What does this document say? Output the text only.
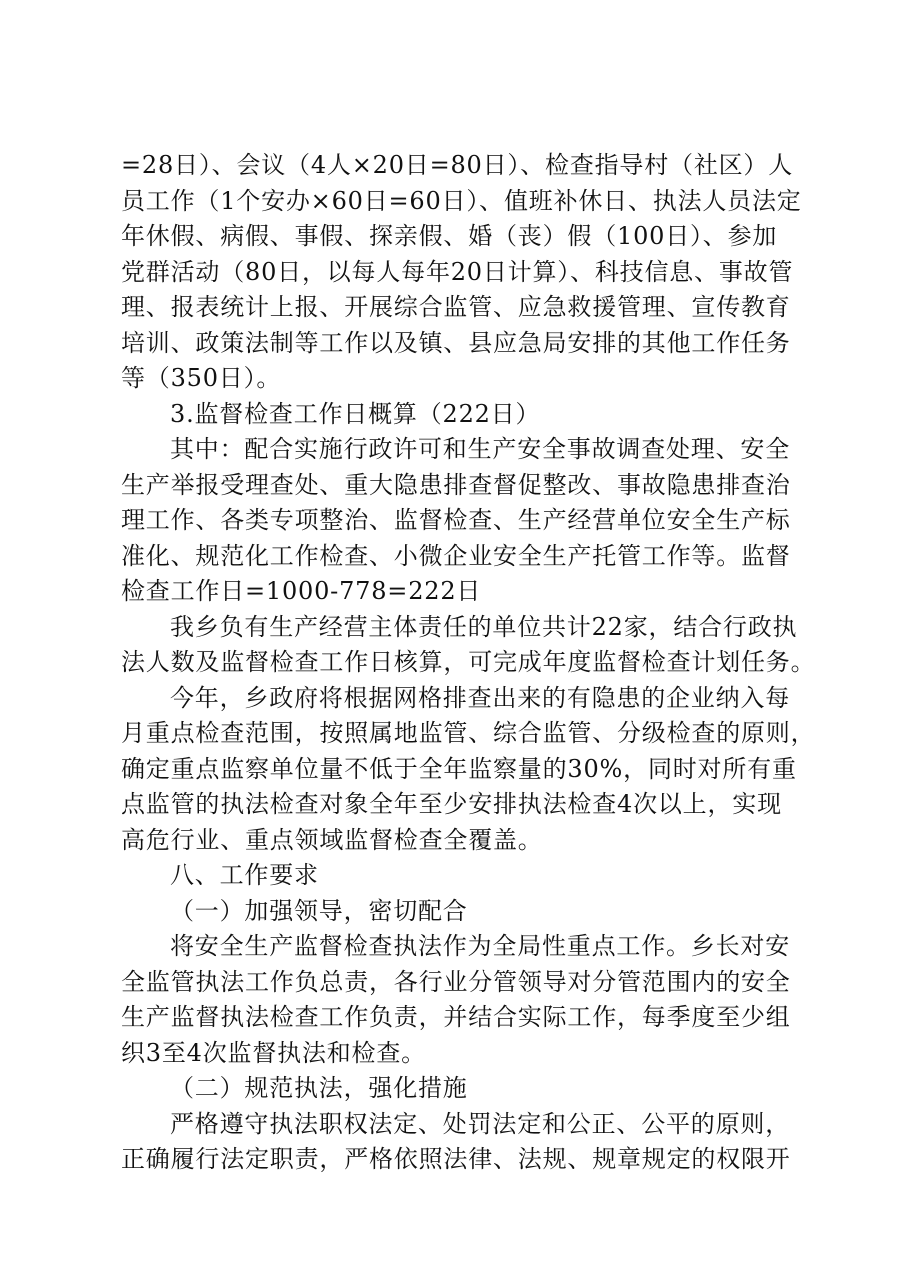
=28日）、会议（4人×20日=80日）、检查指导村（社区）人
员工作（1个安办×60日=60日）、值班补休日、执法人员法定
年休假、病假、事假、探亲假、婚（丧）假（100日）、参加
党群活动（80日，以每人每年20日计算）、科技信息、事故管
理、报表统计上报、开展综合监管、应急救援管理、宣传教育
培训、政策法制等工作以及镇、县应急局安排的其他工作任务
等（350日）。
3.监督检查工作日概算（222日）
其中：配合实施行政许可和生产安全事故调查处理、安全
生产举报受理查处、重大隐患排查督促整改、事故隐患排查治
理工作、各类专项整治、监督检查、生产经营单位安全生产标
准化、规范化工作检查、小微企业安全生产托管工作等。监督
检查工作日=1000-778=222日
我乡负有生产经营主体责任的单位共计22家，结合行政执
法人数及监督检查工作日核算，可完成年度监督检查计划任务。
今年，乡政府将根据网格排查出来的有隐患的企业纳入每
月重点检查范围，按照属地监管、综合监管、分级检查的原则，
确定重点监察单位量不低于全年监察量的30%，同时对所有重
点监管的执法检查对象全年至少安排执法检查4次以上，实现
高危行业、重点领域监督检查全覆盖。
八、工作要求
（一）加强领导，密切配合
将安全生产监督检查执法作为全局性重点工作。乡长对安
全监管执法工作负总责，各行业分管领导对分管范围内的安全
生产监督执法检查工作负责，并结合实际工作，每季度至少组
织3至4次监督执法和检查。
（二）规范执法，强化措施
严格遵守执法职权法定、处罚法定和公正、公平的原则，
正确履行法定职责，严格依照法律、法规、规章规定的权限开
